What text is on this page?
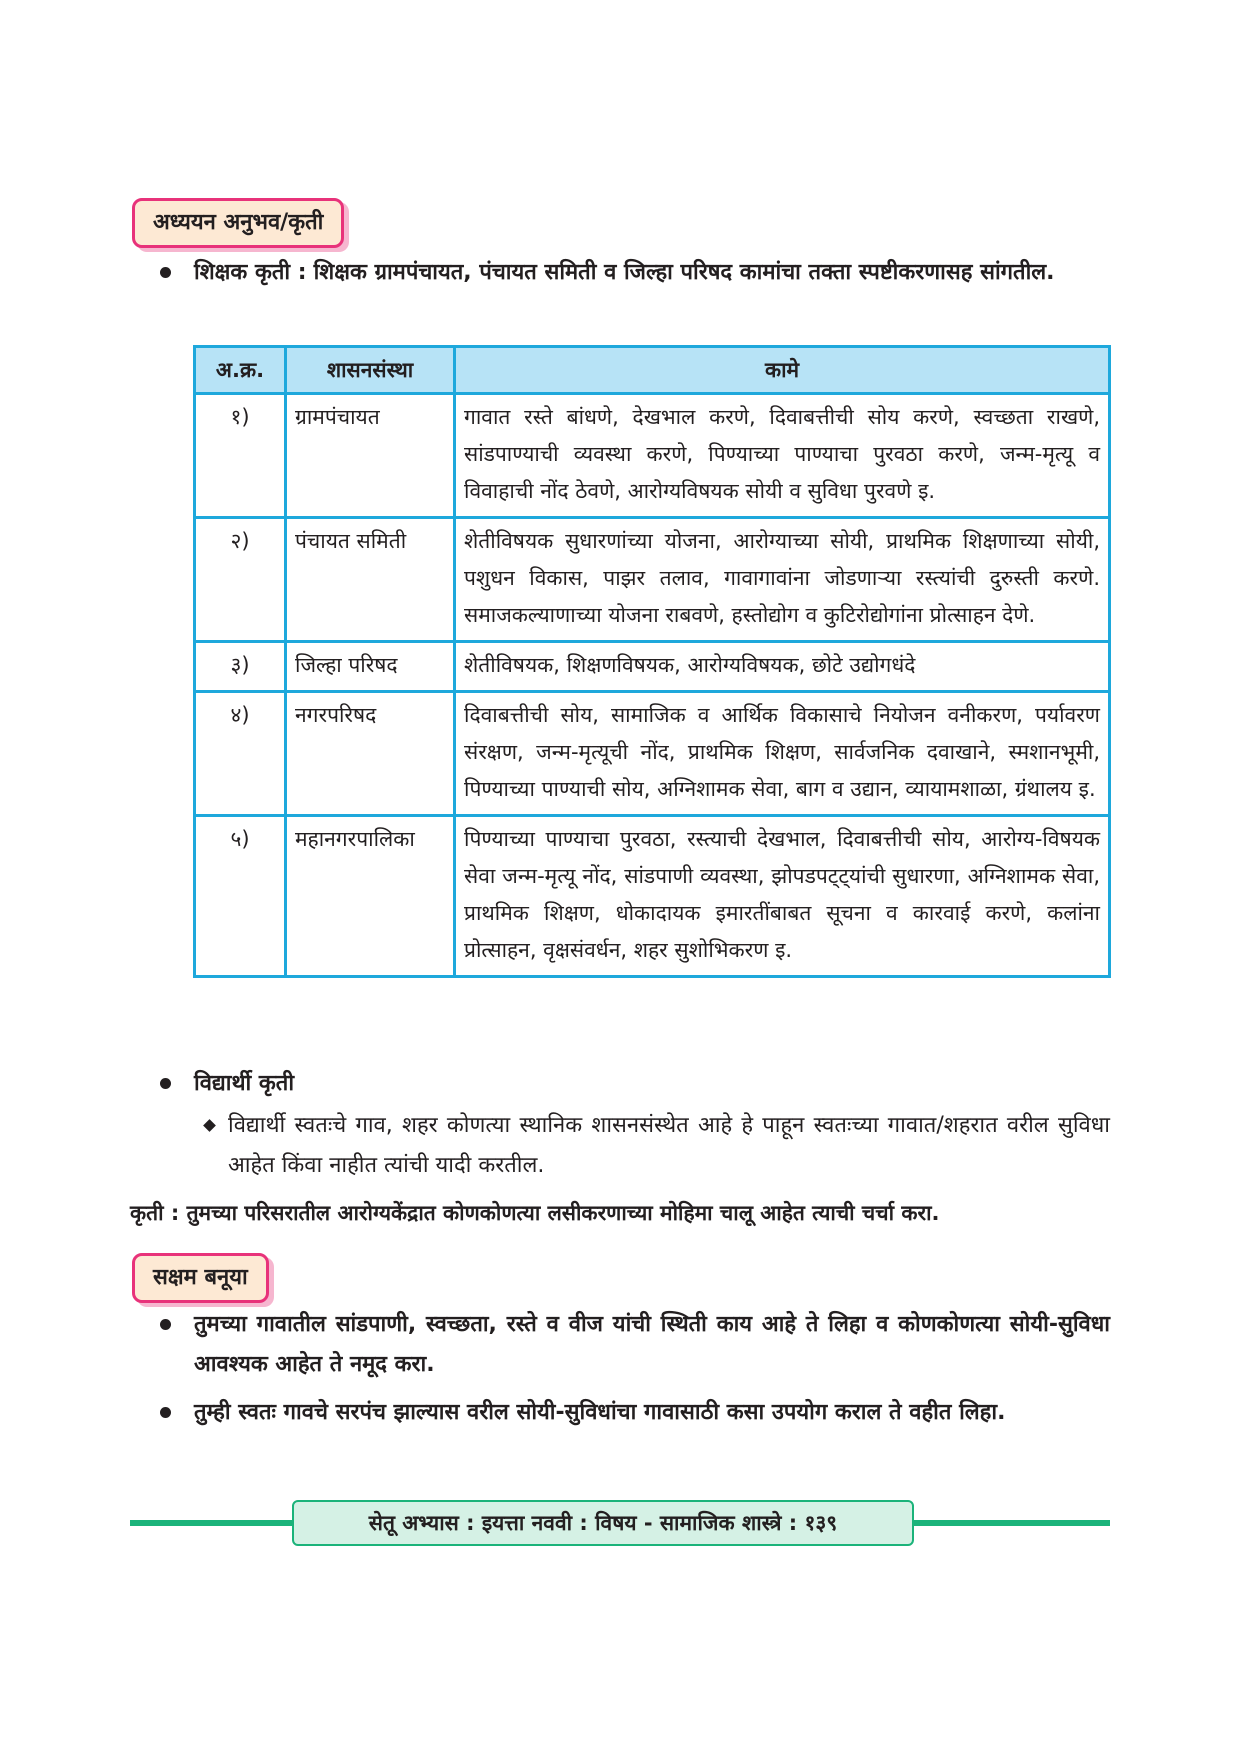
अध्ययन अनुभव/कृती
शिक्षक कृती : शिक्षक ग्रामपंचायत, पंचायत समिती व जिल्हा परिषद कामांचा तक्ता स्पष्टीकरणासह सांगतील.
अ.क्र.	शासनसंस्था	कामे
१)	ग्रामपंचायत	गावात रस्ते बांधणे, देखभाल करणे, दिवाबत्तीची सोय करणे, स्वच्छता राखणे, सांडपाण्याची व्यवस्था करणे, पिण्याच्या पाण्याचा पुरवठा करणे, जन्म-मृत्यू व विवाहाची नोंद ठेवणे, आरोग्यविषयक सोयी व सुविधा पुरवणे इ.
२)	पंचायत समिती	शेतीविषयक सुधारणांच्या योजना, आरोग्याच्या सोयी, प्राथमिक शिक्षणाच्या सोयी, पशुधन विकास, पाझर तलाव, गावागावांना जोडणाऱ्या रस्त्यांची दुरुस्ती करणे. समाजकल्याणाच्या योजना राबवणे, हस्तोद्योग व कुटिरोद्योगांना प्रोत्साहन देणे.
३)	जिल्हा परिषद	शेतीविषयक, शिक्षणविषयक, आरोग्यविषयक, छोटे उद्योगधंदे
४)	नगरपरिषद	दिवाबत्तीची सोय, सामाजिक व आर्थिक विकासाचे नियोजन वनीकरण, पर्यावरण संरक्षण, जन्म-मृत्यूची नोंद, प्राथमिक शिक्षण, सार्वजनिक दवाखाने, स्मशानभूमी, पिण्याच्या पाण्याची सोय, अग्निशामक सेवा, बाग व उद्यान, व्यायामशाळा, ग्रंथालय इ.
५)	महानगरपालिका	पिण्याच्या पाण्याचा पुरवठा, रस्त्याची देखभाल, दिवाबत्तीची सोय, आरोग्य-विषयक सेवा जन्म-मृत्यू नोंद, सांडपाणी व्यवस्था, झोपडपट्ट्यांची सुधारणा, अग्निशामक सेवा, प्राथमिक शिक्षण, धोकादायक इमारतींबाबत सूचना व कारवाई करणे, कलांना प्रोत्साहन, वृक्षसंवर्धन, शहर सुशोभिकरण इ.
विद्यार्थी कृती
विद्यार्थी स्वतःचे गाव, शहर कोणत्या स्थानिक शासनसंस्थेत आहे हे पाहून स्वतःच्या गावात/शहरात वरील सुविधा आहेत किंवा नाहीत त्यांची यादी करतील.
कृती : तुमच्या परिसरातील आरोग्यकेंद्रात कोणकोणत्या लसीकरणाच्या मोहिमा चालू आहेत त्याची चर्चा करा.
सक्षम बनूया
तुमच्या गावातील सांडपाणी, स्वच्छता, रस्ते व वीज यांची स्थिती काय आहे ते लिहा व कोणकोणत्या सोयी-सुविधा आवश्यक आहेत ते नमूद करा.
तुम्ही स्वतः गावचे सरपंच झाल्यास वरील सोयी-सुविधांचा गावासाठी कसा उपयोग कराल ते वहीत लिहा.
सेतू अभ्यास : इयत्ता नववी : विषय - सामाजिक शास्त्रे : १३९
